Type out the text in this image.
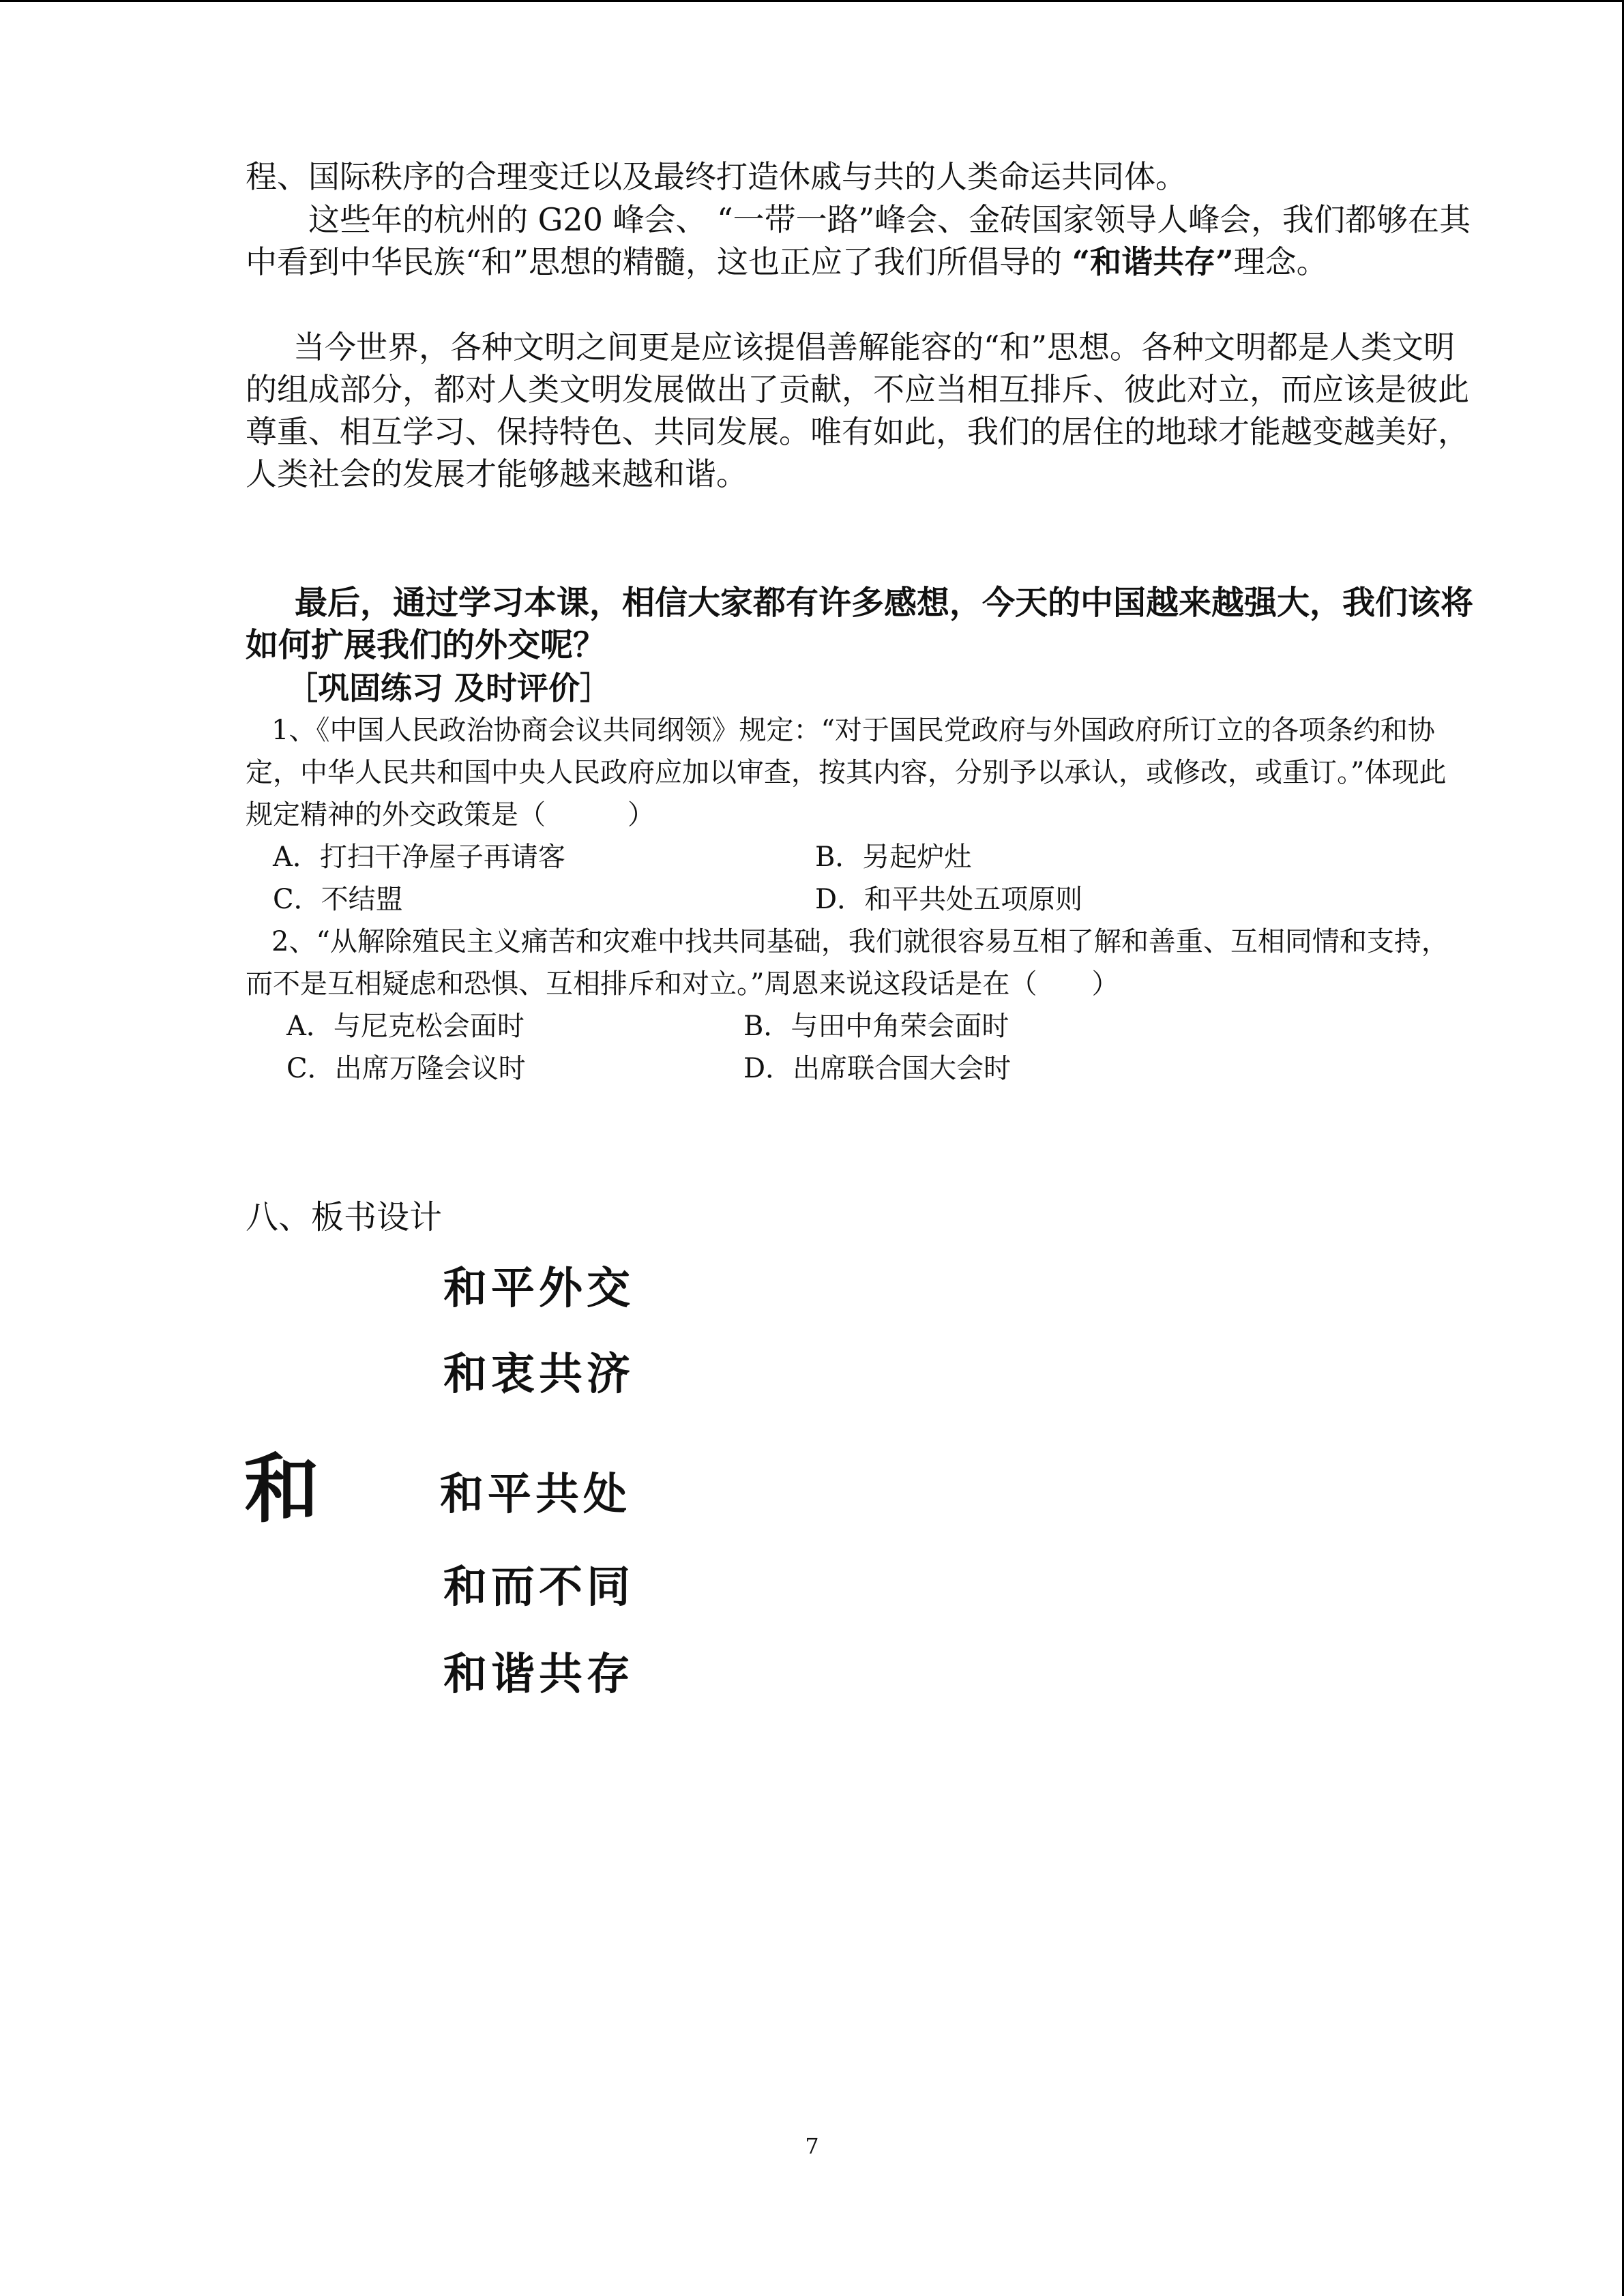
程、国际秩序的合理变迁以及最终打造休戚与共的人类命运共同体。

这些年的杭州的 G20 峰会、 “一带一路”峰会、金砖国家领导人峰会，我们都够在其中看到中华民族“和”思想的精髓，这也正应了我们所倡导的 “和谐共存”理念。

当今世界，各种文明之间更是应该提倡善解能容的“和”思想。各种文明都是人类文明的组成部分，都对人类文明发展做出了贡献，不应当相互排斥、彼此对立，而应该是彼此尊重、相互学习、保持特色、共同发展。唯有如此，我们的居住的地球才能越变越美好，人类社会的发展才能够越来越和谐。

最后，通过学习本课，相信大家都有许多感想，今天的中国越来越强大，我们该将如何扩展我们的外交呢？

［巩固练习 及时评价］

1、《中国人民政治协商会议共同纲领》规定：“对于国民党政府与外国政府所订立的各项条约和协定，中华人民共和国中央人民政府应加以审查，按其内容，分别予以承认，或修改，或重订。”体现此规定精神的外交政策是（　　　）

A．打扫干净屋子再请客	B．另起炉灶
C．不结盟	D．和平共处五项原则

2、“从解除殖民主义痛苦和灾难中找共同基础，我们就很容易互相了解和善重、互相同情和支持，而不是互相疑虑和恐惧、互相排斥和对立。”周恩来说这段话是在（　　）

A．与尼克松会面时	B．与田中角荣会面时
C．出席万隆会议时	D．出席联合国大会时
八、板书设计
和平外交
和衷共济
和	和平共处
和而不同
和谐共存
7
